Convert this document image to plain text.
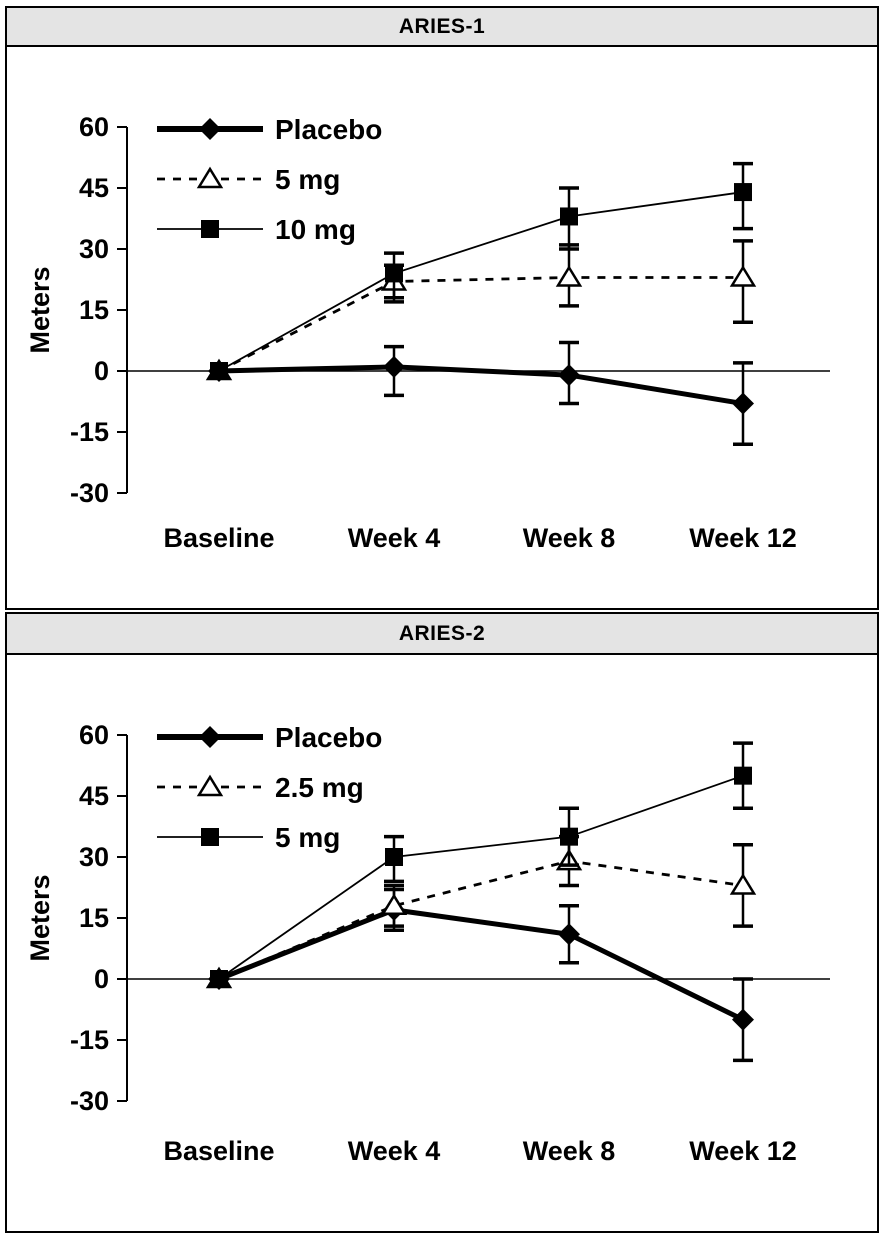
ARIES-1
60
45
30
15
0
-15
-30
Meters
Baseline	Week 4	Week 8	Week 12
Placebo
5 mg
10 mg
ARIES-2
60
45
30
15
0
-15
-30
Meters
Baseline	Week 4	Week 8	Week 12
Placebo
2.5 mg
5 mg
